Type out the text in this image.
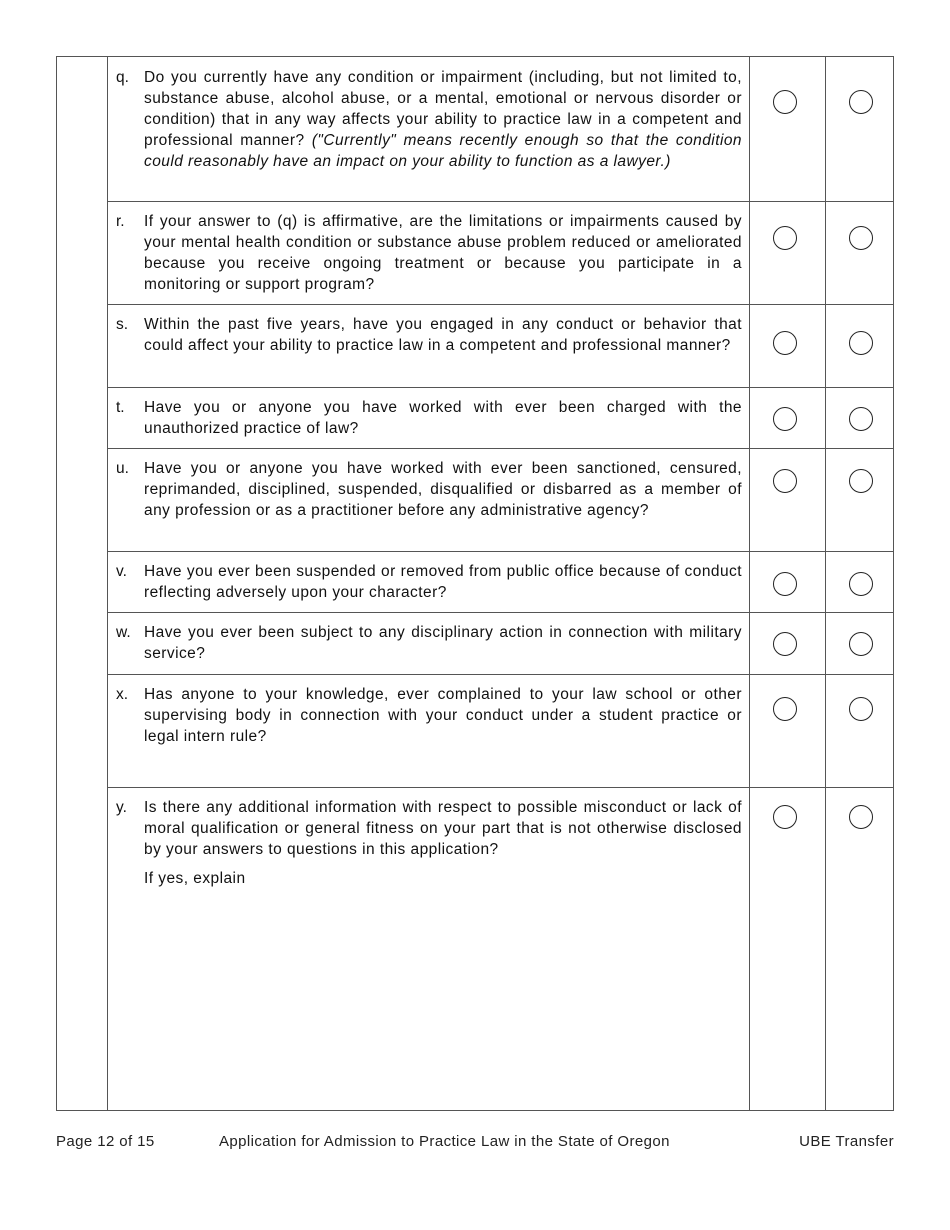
q. Do you currently have any condition or impairment (including, but not limited to, substance abuse, alcohol abuse, or a mental, emotional or nervous disorder or condition) that in any way affects your ability to practice law in a competent and professional manner? ("Currently" means recently enough so that the condition could reasonably have an impact on your ability to function as a lawyer.)
r. If your answer to (q) is affirmative, are the limitations or impairments caused by your mental health condition or substance abuse problem reduced or ameliorated because you receive ongoing treatment or because you participate in a monitoring or support program?
s. Within the past five years, have you engaged in any conduct or behavior that could affect your ability to practice law in a competent and professional manner?
t. Have you or anyone you have worked with ever been charged with the unauthorized practice of law?
u. Have you or anyone you have worked with ever been sanctioned, censured, reprimanded, disciplined, suspended, disqualified or disbarred as a member of any profession or as a practitioner before any administrative agency?
v. Have you ever been suspended or removed from public office because of conduct reflecting adversely upon your character?
w. Have you ever been subject to any disciplinary action in connection with military service?
x. Has anyone to your knowledge, ever complained to your law school or other supervising body in connection with your conduct under a student practice or legal intern rule?
y. Is there any additional information with respect to possible misconduct or lack of moral qualification or general fitness on your part that is not otherwise disclosed by your answers to questions in this application?
If yes, explain
Page 12 of 15	Application for Admission to Practice Law in the State of Oregon	UBE Transfer
